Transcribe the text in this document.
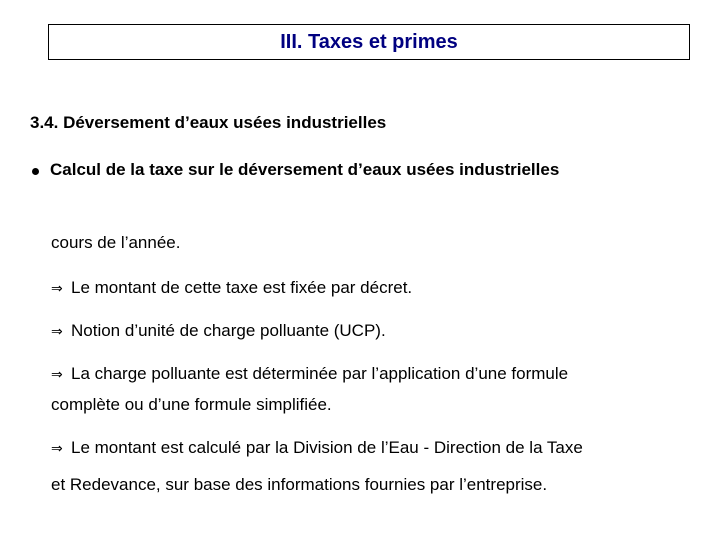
III. Taxes et primes
3.4. Déversement d’eaux usées industrielles
Calcul de la taxe sur le déversement d’eaux usées industrielles
cours de l’année.
⇒ Le montant de cette taxe est fixée par décret.
⇒ Notion d’unité de charge polluante (UCP).
⇒ La charge polluante est déterminée par l’application d’une formule
complète ou d’une formule simplifiée.
⇒ Le montant est calculé par la Division de l’Eau - Direction de la Taxe
et Redevance, sur base des informations fournies par l’entreprise.
